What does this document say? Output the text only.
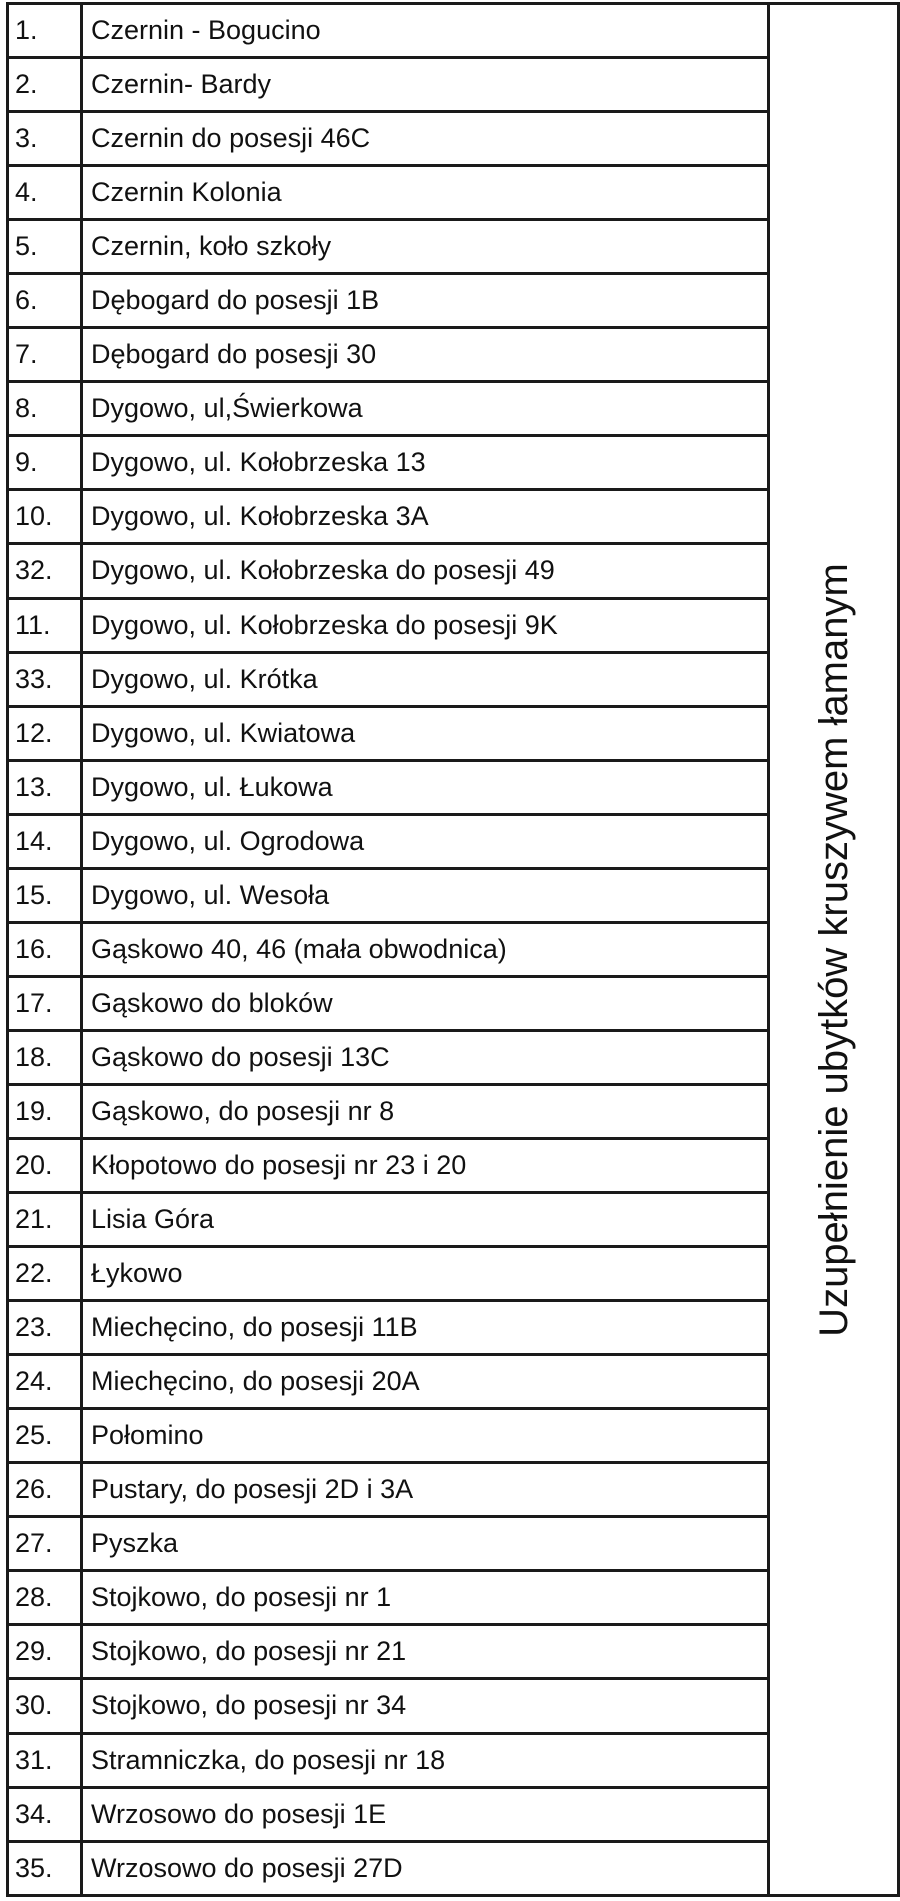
1.	Czernin - Bogucino	Uzupełnienie ubytków kruszywem łamanym

2.	Czernin- Bardy	
3.	Czernin do posesji 46C	
4.	Czernin Kolonia	
5.	Czernin, koło szkoły	
6.	Dębogard do posesji 1B	
7.	Dębogard do posesji 30	
8.	Dygowo, ul,Świerkowa	
9.	Dygowo, ul. Kołobrzeska 13	
10.	Dygowo, ul. Kołobrzeska 3A	
32.	Dygowo, ul. Kołobrzeska do posesji 49	
11.	Dygowo, ul. Kołobrzeska do posesji 9K	
33.	Dygowo, ul. Krótka	
12.	Dygowo, ul. Kwiatowa	
13.	Dygowo, ul. Łukowa	
14.	Dygowo, ul. Ogrodowa	
15.	Dygowo, ul. Wesoła	
16.	Gąskowo 40, 46 (mała obwodnica)	
17.	Gąskowo do bloków	
18.	Gąskowo do posesji 13C	
19.	Gąskowo, do posesji nr 8	
20.	Kłopotowo do posesji nr 23 i 20	
21.	Lisia Góra	
22.	Łykowo	
23.	Miechęcino, do posesji 11B	
24.	Miechęcino, do posesji 20A	
25.	Połomino	
26.	Pustary, do posesji 2D i 3A	
27.	Pyszka	
28.	Stojkowo, do posesji nr 1	
29.	Stojkowo, do posesji nr 21	
30.	Stojkowo, do posesji nr 34	
31.	Stramniczka, do posesji nr 18	
34.	Wrzosowo do posesji 1E	
35.	Wrzosowo do posesji 27D	
